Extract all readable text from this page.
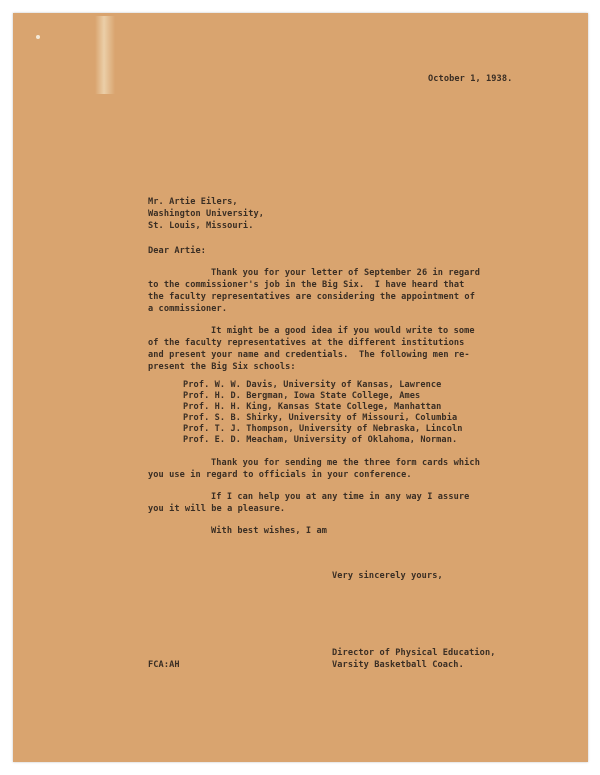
October 1, 1938.

Mr. Artie Eilers,

Washington University,

St. Louis, Missouri.

Dear Artie:

Thank you for your letter of September 26 in regard

to the commissioner's job in the Big Six.  I have heard that

the faculty representatives are considering the appointment of

a commissioner.

It might be a good idea if you would write to some

of the faculty representatives at the different institutions

and present your name and credentials.  The following men re-

present the Big Six schools:

Prof. W. W. Davis, University of Kansas, Lawrence

Prof. H. D. Bergman, Iowa State College, Ames

Prof. H. H. King, Kansas State College, Manhattan

Prof. S. B. Shirky, University of Missouri, Columbia

Prof. T. J. Thompson, University of Nebraska, Lincoln

Prof. E. D. Meacham, University of Oklahoma, Norman.

Thank you for sending me the three form cards which

you use in regard to officials in your conference.

If I can help you at any time in any way I assure

you it will be a pleasure.

With best wishes, I am

Very sincerely yours,

Director of Physical Education,

Varsity Basketball Coach.

FCA:AH
